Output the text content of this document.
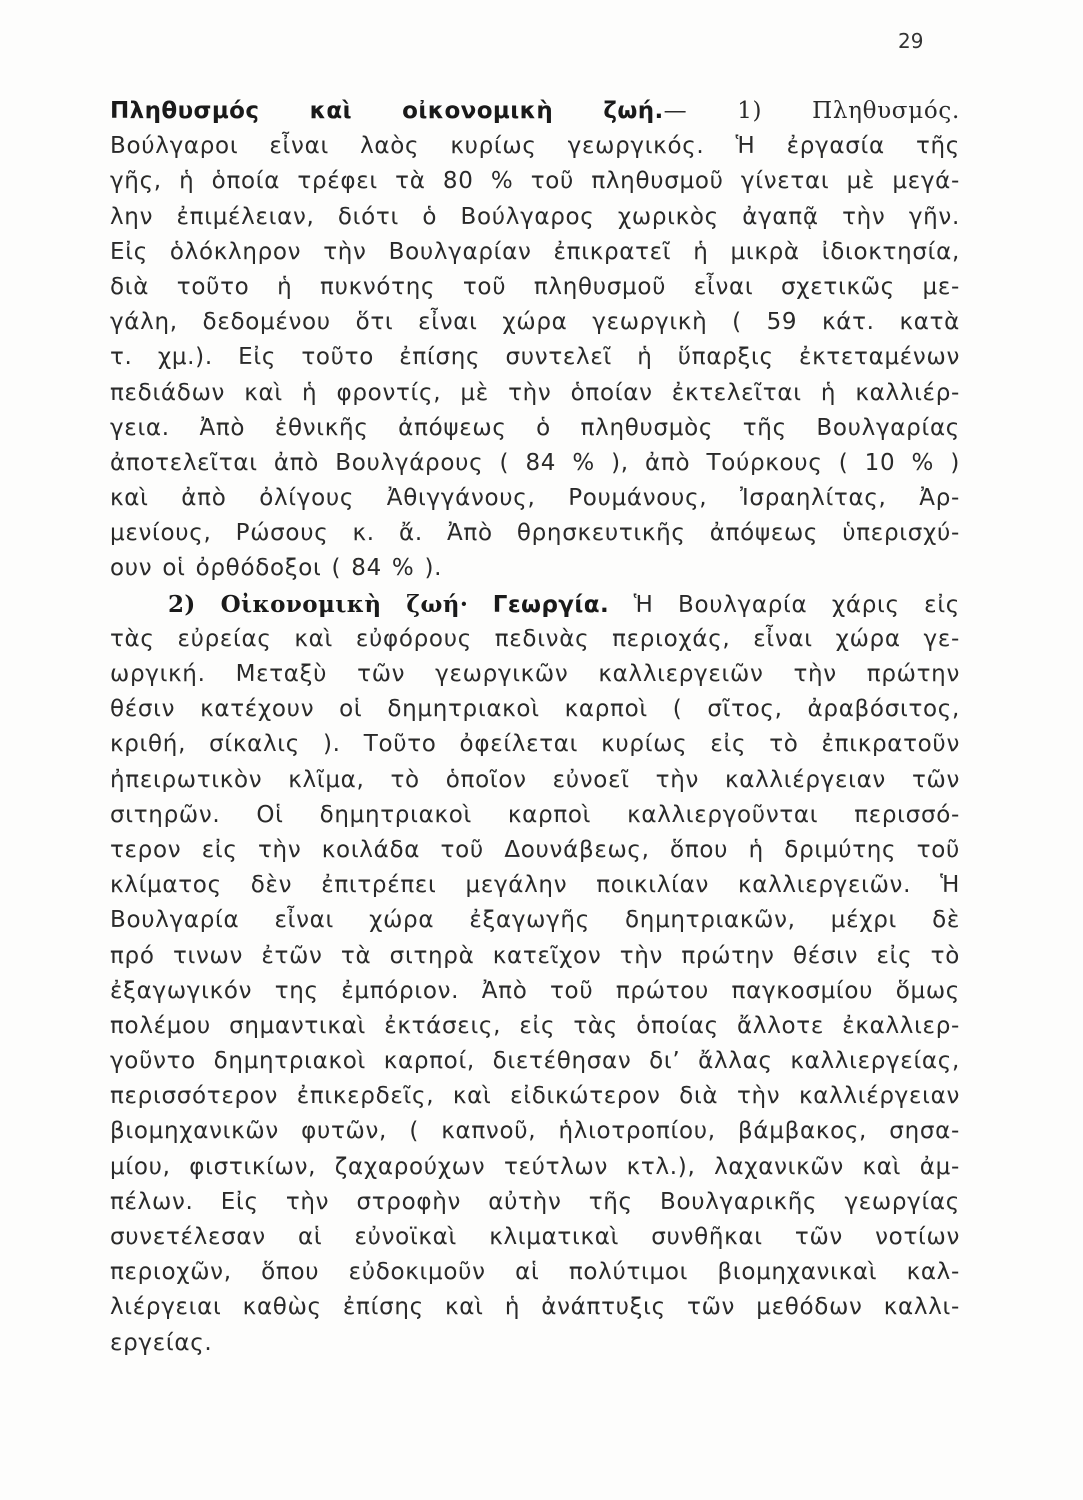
29
Πληθυσμός καὶ οἰκονομικὴ ζωή.— 1) Πληθυσμός.
Βούλγαροι εἶναι λαὸς κυρίως γεωργικός. Ἡ ἐργασία τῆς
γῆς, ἡ ὁποία τρέφει τὰ 80 % τοῦ πληθυσμοῦ γίνεται μὲ μεγά-
λην ἐπιμέλειαν, διότι ὁ Βούλγαρος χωρικὸς ἀγαπᾷ τὴν γῆν.
Εἰς ὁλόκληρον τὴν Βουλγαρίαν ἐπικρατεῖ ἡ μικρὰ ἰδιοκτησία,
διὰ τοῦτο ἡ πυκνότης τοῦ πληθυσμοῦ εἶναι σχετικῶς με-
γάλη, δεδομένου ὅτι εἶναι χώρα γεωργικὴ ( 59 κάτ. κατὰ
τ. χμ.). Εἰς τοῦτο ἐπίσης συντελεῖ ἡ ὕπαρξις ἐκτεταμένων
πεδιάδων καὶ ἡ φροντίς, μὲ τὴν ὁποίαν ἐκτελεῖται ἡ καλλιέρ-
γεια. Ἀπὸ ἐθνικῆς ἀπόψεως ὁ πληθυσμὸς τῆς Βουλγαρίας
ἀποτελεῖται ἀπὸ Βουλγάρους ( 84 % ), ἀπὸ Τούρκους ( 10 % )
καὶ ἀπὸ ὀλίγους Ἀθιγγάνους, Ρουμάνους, Ἰσραηλίτας, Ἀρ-
μενίους, Ρώσους κ. ἄ. Ἀπὸ θρησκευτικῆς ἀπόψεως ὑπερισχύ-
ουν οἱ ὀρθόδοξοι ( 84 % ).
2) Οἰκονομικὴ ζωή· Γεωργία. Ἡ Βουλγαρία χάρις εἰς
τὰς εὐρείας καὶ εὐφόρους πεδινὰς περιοχάς, εἶναι χώρα γε-
ωργική. Μεταξὺ τῶν γεωργικῶν καλλιεργειῶν τὴν πρώτην
θέσιν κατέχουν οἱ δημητριακοὶ καρποὶ ( σῖτος, ἀραβόσιτος,
κριθή, σίκαλις ). Τοῦτο ὀφείλεται κυρίως εἰς τὸ ἐπικρατοῦν
ἠπειρωτικὸν κλῖμα, τὸ ὁποῖον εὐνοεῖ τὴν καλλιέργειαν τῶν
σιτηρῶν. Οἱ δημητριακοὶ καρποὶ καλλιεργοῦνται περισσό-
τερον εἰς τὴν κοιλάδα τοῦ Δουνάβεως, ὅπου ἡ δριμύτης τοῦ
κλίματος δὲν ἐπιτρέπει μεγάλην ποικιλίαν καλλιεργειῶν. Ἡ
Βουλγαρία εἶναι χώρα ἐξαγωγῆς δημητριακῶν, μέχρι δὲ
πρό τινων ἐτῶν τὰ σιτηρὰ κατεῖχον τὴν πρώτην θέσιν εἰς τὸ
ἐξαγωγικόν της ἐμπόριον. Ἀπὸ τοῦ πρώτου παγκοσμίου ὅμως
πολέμου σημαντικαὶ ἐκτάσεις, εἰς τὰς ὁποίας ἄλλοτε ἐκαλλιερ-
γοῦντο δημητριακοὶ καρποί, διετέθησαν δι’ ἄλλας καλλιεργείας,
περισσότερον ἐπικερδεῖς, καὶ εἰδικώτερον διὰ τὴν καλλιέργειαν
βιομηχανικῶν φυτῶν, ( καπνοῦ, ἡλιοτροπίου, βάμβακος, σησα-
μίου, φιστικίων, ζαχαρούχων τεύτλων κτλ.), λαχανικῶν καὶ ἀμ-
πέλων. Εἰς τὴν στροφὴν αὐτὴν τῆς Βουλγαρικῆς γεωργίας
συνετέλεσαν αἱ εὐνοϊκαὶ κλιματικαὶ συνθῆκαι τῶν νοτίων
περιοχῶν, ὅπου εὐδοκιμοῦν αἱ πολύτιμοι βιομηχανικαὶ καλ-
λιέργειαι καθὼς ἐπίσης καὶ ἡ ἀνάπτυξις τῶν μεθόδων καλλι-
εργείας.
